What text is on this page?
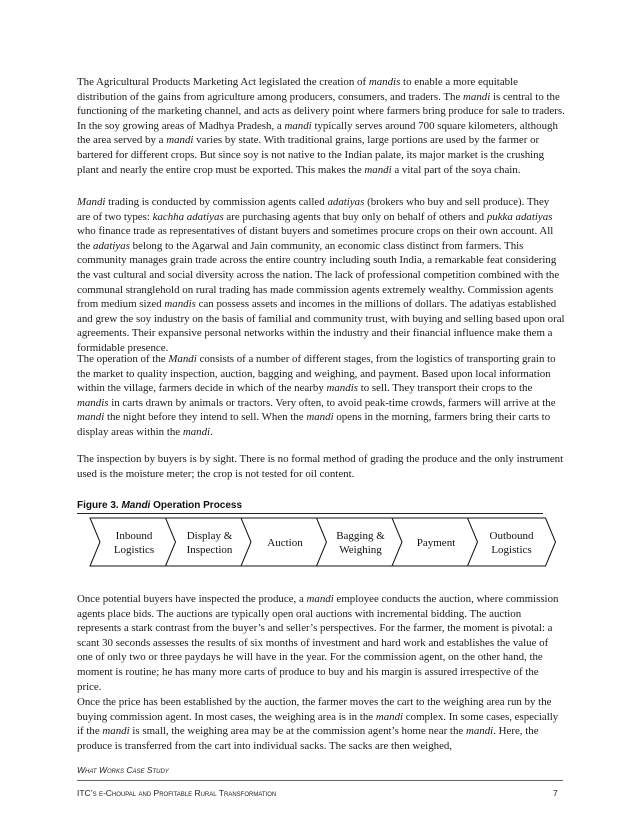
The Agricultural Products Marketing Act legislated the creation of mandis to enable a more equitable distribution of the gains from agriculture among producers, consumers, and traders. The mandi is central to the functioning of the marketing channel, and acts as delivery point where farmers bring produce for sale to traders. In the soy growing areas of Madhya Pradesh, a mandi typically serves around 700 square kilometers, although the area served by a mandi varies by state. With traditional grains, large portions are used by the farmer or bartered for different crops. But since soy is not native to the Indian palate, its major market is the crushing plant and nearly the entire crop must be exported. This makes the mandi a vital part of the soya chain.

Mandi trading is conducted by commission agents called adatiyas (brokers who buy and sell produce). They are of two types: kachha adatiyas are purchasing agents that buy only on behalf of others and pukka adatiyas who finance trade as representatives of distant buyers and sometimes procure crops on their own account. All the adatiyas belong to the Agarwal and Jain community, an economic class distinct from farmers. This community manages grain trade across the entire country including south India, a remarkable feat considering the vast cultural and social diversity across the nation. The lack of professional competition combined with the communal stranglehold on rural trading has made commission agents extremely wealthy. Commission agents from medium sized mandis can possess assets and incomes in the millions of dollars. The adatiyas established and grew the soy industry on the basis of familial and community trust, with buying and selling based upon oral agreements. Their expansive personal networks within the industry and their financial influence make them a formidable presence.

The operation of the Mandi consists of a number of different stages, from the logistics of transporting grain to the market to quality inspection, auction, bagging and weighing, and payment. Based upon local information within the village, farmers decide in which of the nearby mandis to sell. They transport their crops to the mandis in carts drawn by animals or tractors. Very often, to avoid peak-time crowds, farmers will arrive at the mandi the night before they intend to sell. When the mandi opens in the morning, farmers bring their carts to display areas within the mandi.

The inspection by buyers is by sight. There is no formal method of grading the produce and the only instrument used is the moisture meter; the crop is not tested for oil content.

Figure 3. Mandi Operation Process
Inbound
Logistics
Display &
Inspection
Auction
Bagging &
Weighing
Payment
Outbound
Logistics

Once potential buyers have inspected the produce, a mandi employee conducts the auction, where commission agents place bids. The auctions are typically open oral auctions with incremental bidding. The auction represents a stark contrast from the buyer’s and seller’s perspectives. For the farmer, the moment is pivotal: a scant 30 seconds assesses the results of six months of investment and hard work and establishes the value of one of only two or three paydays he will have in the year. For the commission agent, on the other hand, the moment is routine; he has many more carts of produce to buy and his margin is assured irrespective of the price.

Once the price has been established by the auction, the farmer moves the cart to the weighing area run by the buying commission agent. In most cases, the weighing area is in the mandi complex. In some cases, especially if the mandi is small, the weighing area may be at the commission agent’s home near the mandi. Here, the produce is transferred from the cart into individual sacks. The sacks are then weighed,

What Works Case Study
ITC’s e-Choupal and Profitable Rural Transformation	7
